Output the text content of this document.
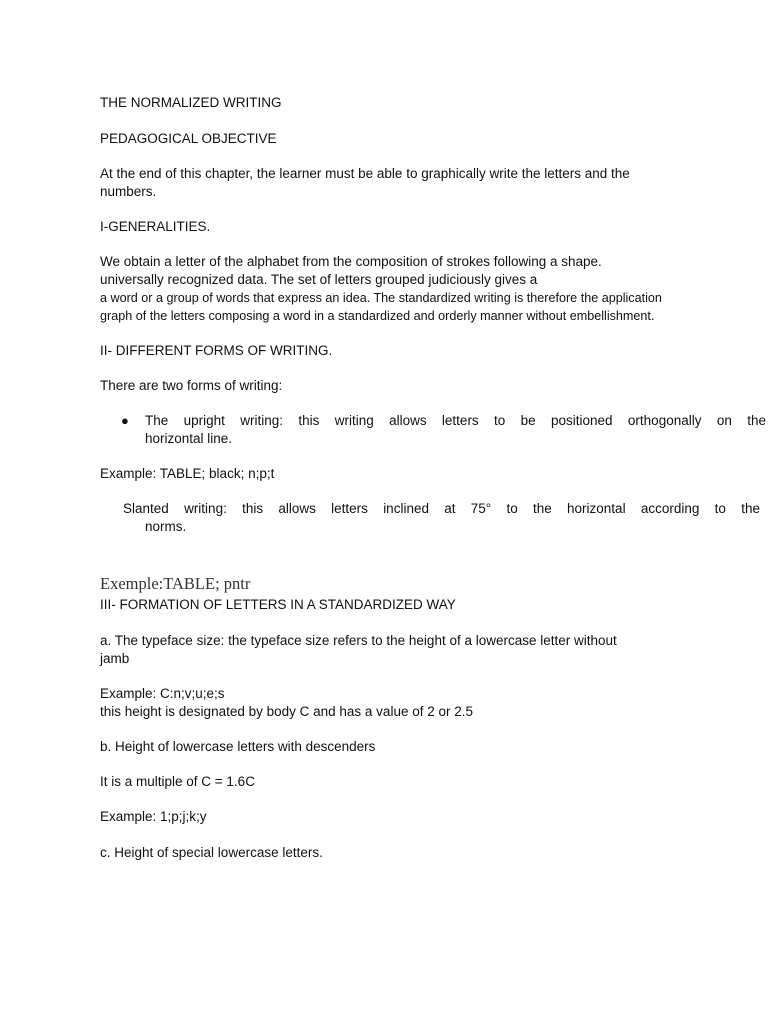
THE NORMALIZED WRITING
PEDAGOGICAL OBJECTIVE
At the end of this chapter, the learner must be able to graphically write the letters and the
numbers.
I-GENERALITIES.
We obtain a letter of the alphabet from the composition of strokes following a shape.
universally recognized data. The set of letters grouped judiciously gives a
a word or a group of words that express an idea. The standardized writing is therefore the application
graph of the letters composing a word in a standardized and orderly manner without embellishment.
II- DIFFERENT FORMS OF WRITING.
There are two forms of writing:
● The upright writing: this writing allows letters to be positioned orthogonally on the
horizontal line.
Example: TABLE; black; n;p;t
Slanted writing: this allows letters inclined at 75° to the horizontal according to the
norms.
Exemple:TABLE; pntr
III- FORMATION OF LETTERS IN A STANDARDIZED WAY
a. The typeface size: the typeface size refers to the height of a lowercase letter without
jamb
Example: C:n;v;u;e;s
this height is designated by body C and has a value of 2 or 2.5
b. Height of lowercase letters with descenders
It is a multiple of C = 1.6C
Example: 1;p;j;k;y
c. Height of special lowercase letters.
